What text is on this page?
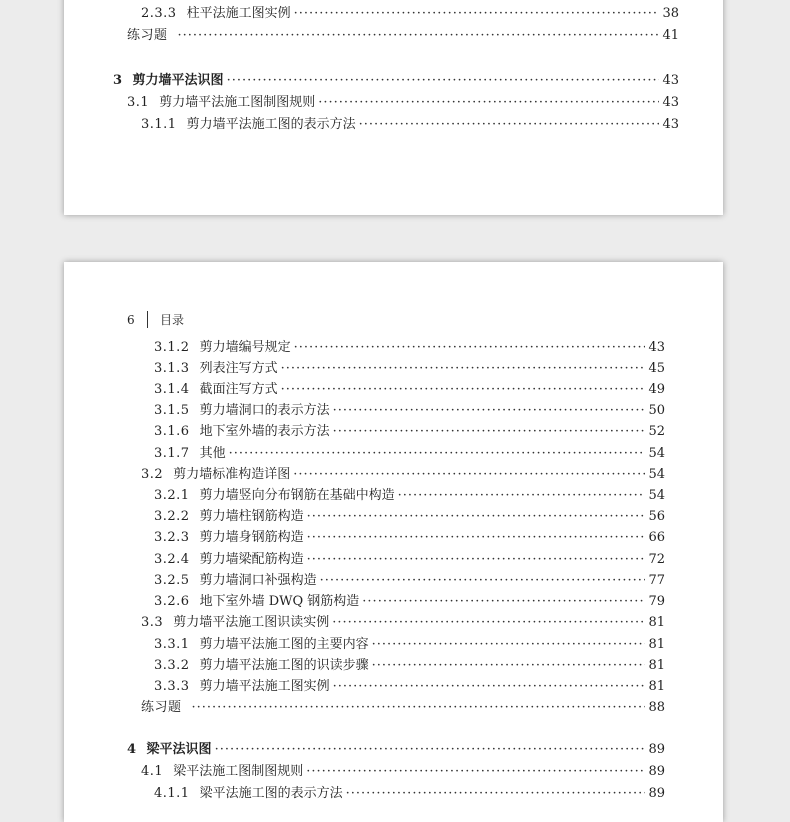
2.3.3 柱平法施工图实例 ·····	38
练习题 ·····	41
3 剪力墙平法识图 ·····	43
3.1 剪力墙平法施工图制图规则 ·····	43
3.1.1 剪力墙平法施工图的表示方法 ·····	43
6 目录
3.1.2 剪力墙编号规定 ·····	43
3.1.3 列表注写方式 ·····	45
3.1.4 截面注写方式 ·····	49
3.1.5 剪力墙洞口的表示方法 ·····	50
3.1.6 地下室外墙的表示方法 ·····	52
3.1.7 其他 ·····	54
3.2 剪力墙标准构造详图 ·····	54
3.2.1 剪力墙竖向分布钢筋在基础中构造 ·····	54
3.2.2 剪力墙柱钢筋构造 ·····	56
3.2.3 剪力墙身钢筋构造 ·····	66
3.2.4 剪力墙梁配筋构造 ·····	72
3.2.5 剪力墙洞口补强构造 ·····	77
3.2.6 地下室外墙 DWQ 钢筋构造 ·····	79
3.3 剪力墙平法施工图识读实例 ·····	81
3.3.1 剪力墙平法施工图的主要内容 ·····	81
3.3.2 剪力墙平法施工图的识读步骤 ·····	81
3.3.3 剪力墙平法施工图实例 ·····	81
练习题 ·····	88
4 梁平法识图 ·····	89
4.1 梁平法施工图制图规则 ·····	89
4.1.1 梁平法施工图的表示方法 ·····	89
